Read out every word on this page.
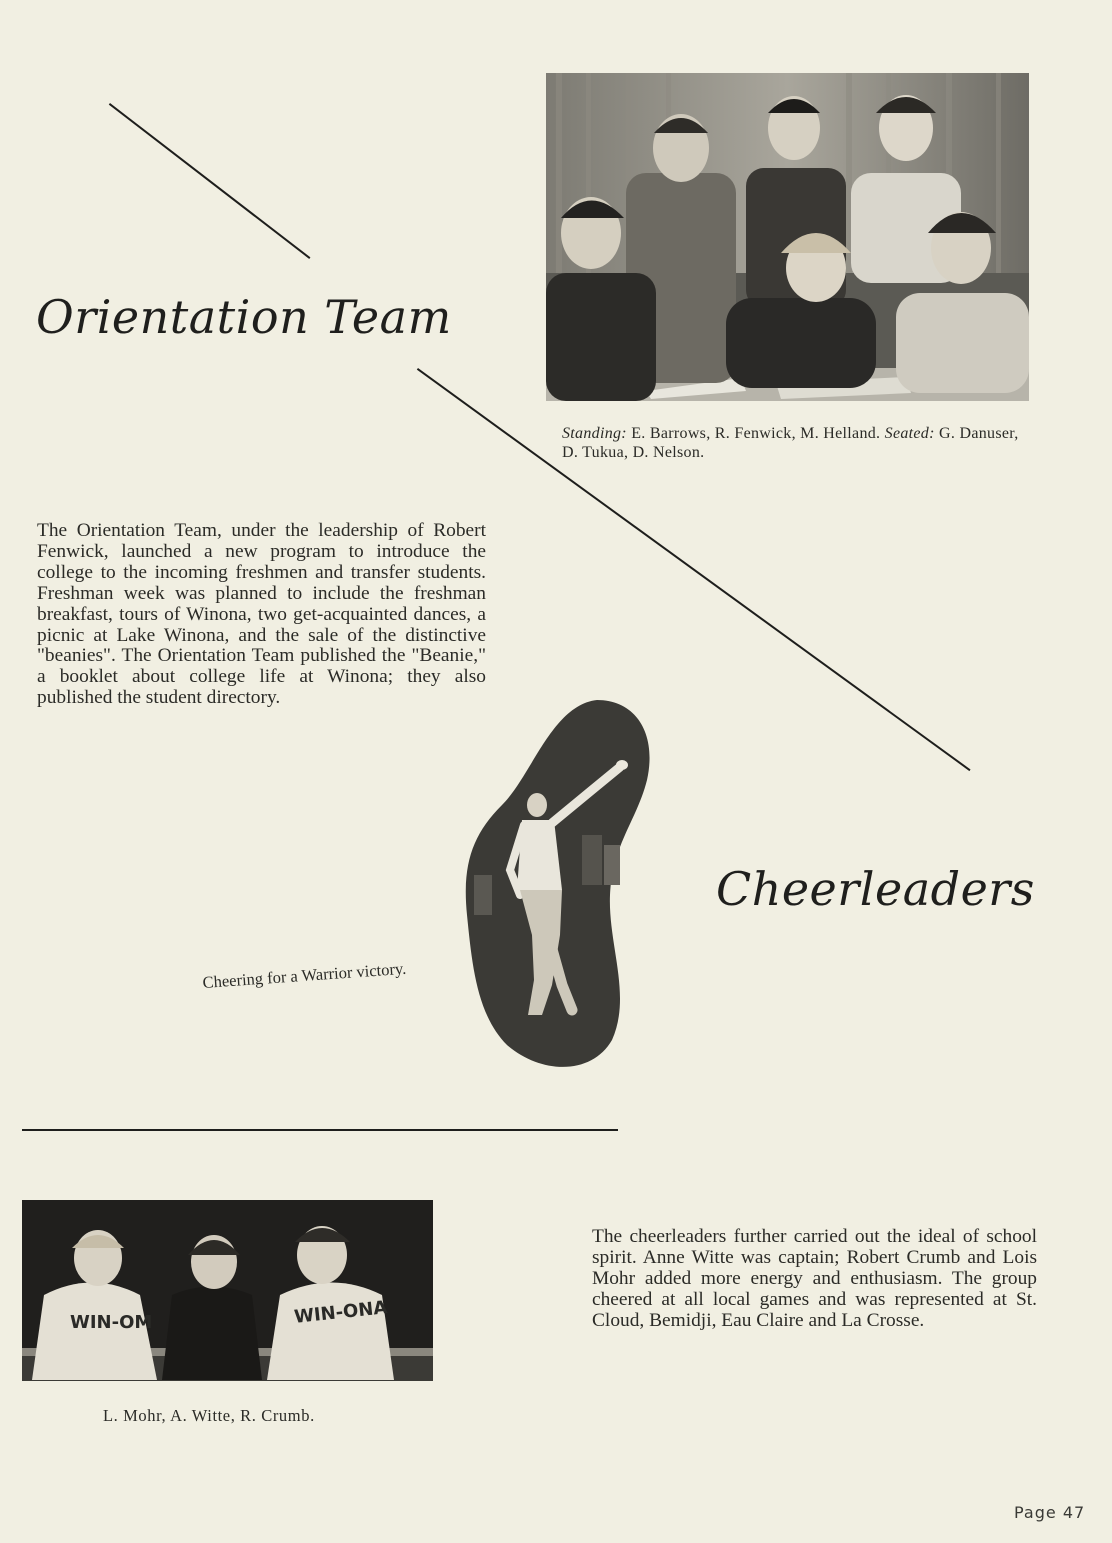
Orientation Team
Standing: E. Barrows, R. Fenwick, M. Helland. Seated: G. Danuser, D. Tukua, D. Nelson.
The Orientation Team, under the leadership of Robert Fenwick, launched a new program to introduce the college to the incoming freshmen and transfer students. Freshman week was planned to include the freshman breakfast, tours of Winona, two get-acquainted dances, a picnic at Lake Winona, and the sale of the distinctive "beanies". The Orientation Team published the "Beanie," a booklet about college life at Winona; they also published the student directory.
Cheerleaders
Cheering for a Warrior victory.
WIN-OM	WIN-ONA
L. Mohr, A. Witte, R. Crumb.
The cheerleaders further carried out the ideal of school spirit. Anne Witte was captain; Robert Crumb and Lois Mohr added more energy and enthusiasm. The group cheered at all local games and was represented at St. Cloud, Bemidji, Eau Claire and La Crosse.
Page 47
